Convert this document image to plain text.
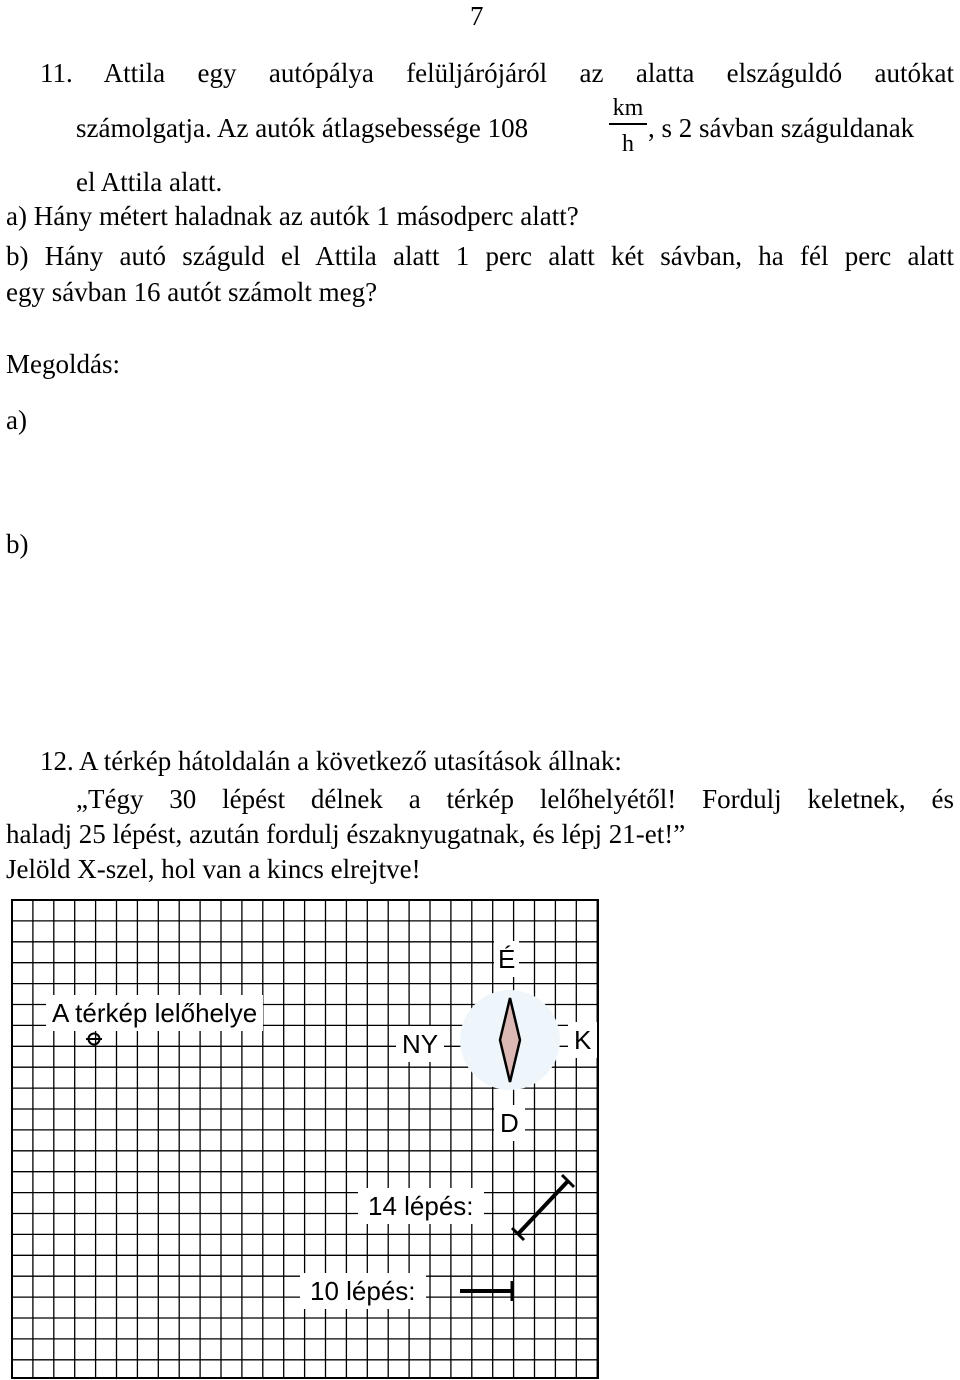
7
11. Attila egy autópálya felüljárójáról az alatta elszáguldó autókat
számolgatja. Az autók átlagsebessége 108
km
h
, s 2 sávban száguldanak
el Attila alatt.
a) Hány métert haladnak az autók 1 másodperc alatt?
b) Hány autó száguld el Attila alatt 1 perc alatt két sávban, ha fél perc alatt
egy sávban 16 autót számolt meg?
Megoldás:
a)
b)
12. A térkép hátoldalán a következő utasítások állnak:
„Tégy 30 lépést délnek a térkép lelőhelyétől! Fordulj keletnek, és
haladj 25 lépést, azután fordulj északnyugatnak, és lépj 21-et!”
Jelöld X-szel, hol van a kincs elrejtve!
A térkép lelőhelye
É
NY	K
D
14 lépés:
10 lépés:
